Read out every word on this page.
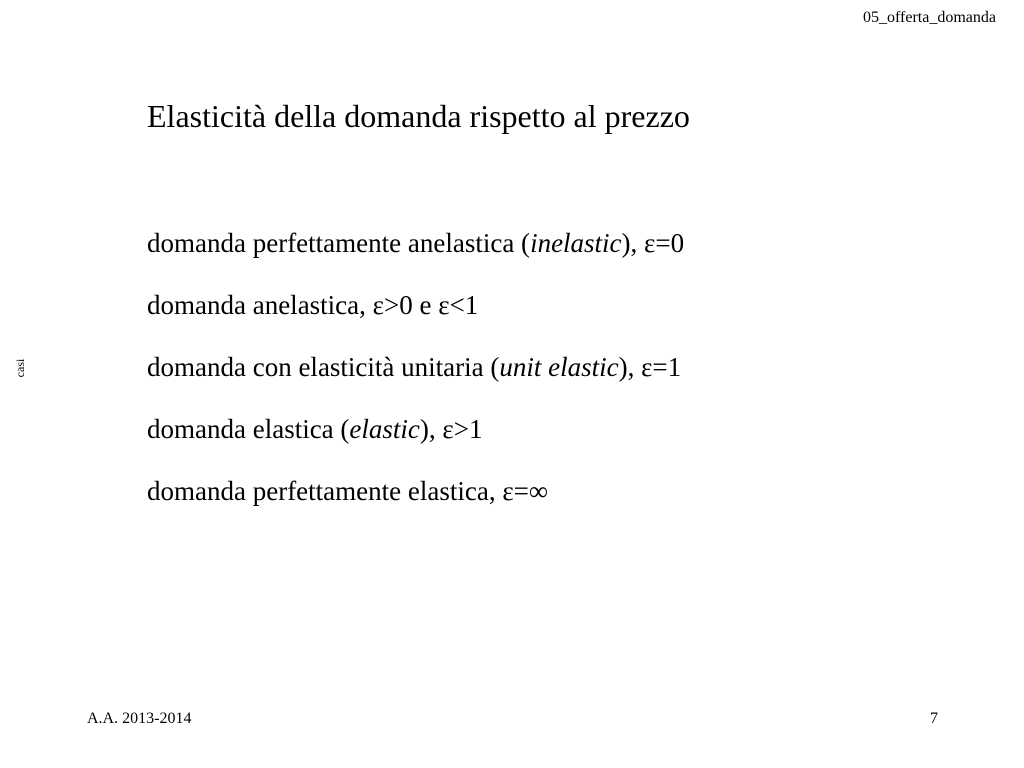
05_offerta_domanda
casi
Elasticità della domanda rispetto al prezzo
domanda perfettamente anelastica (inelastic), ε=0
domanda anelastica, ε>0 e ε<1
domanda con elasticità unitaria (unit elastic), ε=1
domanda elastica (elastic), ε>1
domanda perfettamente elastica, ε=∞
A.A. 2013-2014	7
